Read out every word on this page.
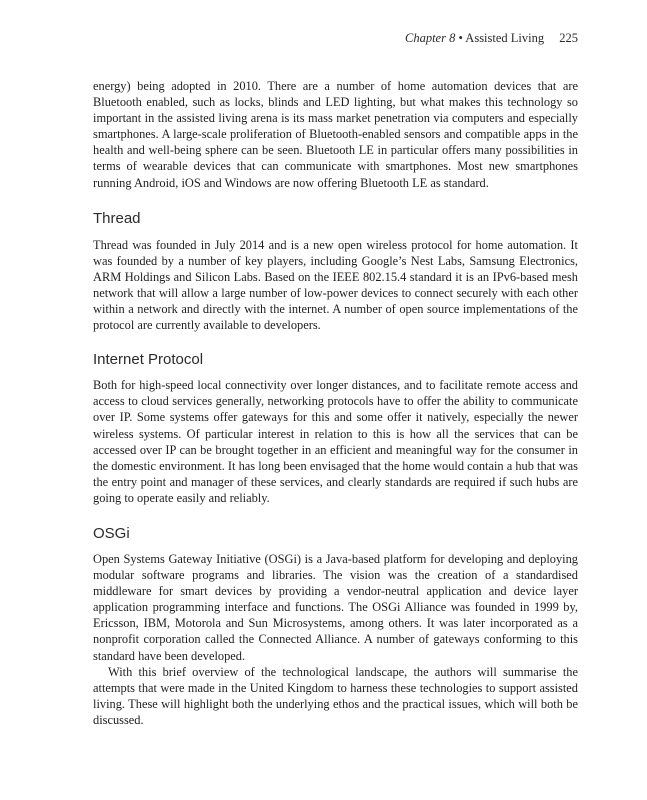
Chapter 8 • Assisted Living 225

energy) being adopted in 2010. There are a number of home automation devices that are Bluetooth enabled, such as locks, blinds and LED lighting, but what makes this technology so important in the assisted living arena is its mass market penetration via computers and especially smartphones. A large-scale proliferation of Bluetooth-enabled sensors and compatible apps in the health and well-being sphere can be seen. Bluetooth LE in particular offers many possibilities in terms of wearable devices that can communicate with smartphones. Most new smartphones running Android, iOS and Windows are now offering Bluetooth LE as standard.

Thread

Thread was founded in July 2014 and is a new open wireless protocol for home automation. It was founded by a number of key players, including Google’s Nest Labs, Samsung Electronics, ARM Holdings and Silicon Labs. Based on the IEEE 802.15.4 standard it is an IPv6-based mesh network that will allow a large number of low-power devices to connect securely with each other within a network and directly with the internet. A number of open source implementations of the protocol are currently available to developers.

Internet Protocol

Both for high-speed local connectivity over longer distances, and to facilitate remote access and access to cloud services generally, networking protocols have to offer the ability to communicate over IP. Some systems offer gateways for this and some offer it natively, especially the newer wireless systems. Of particular interest in relation to this is how all the services that can be accessed over IP can be brought together in an efficient and meaningful way for the consumer in the domestic environment. It has long been envisaged that the home would contain a hub that was the entry point and manager of these services, and clearly standards are required if such hubs are going to operate easily and reliably.

OSGi

Open Systems Gateway Initiative (OSGi) is a Java-based platform for developing and deploying modular software programs and libraries. The vision was the creation of a standardised middleware for smart devices by providing a vendor-neutral application and device layer application programming interface and functions. The OSGi Alliance was founded in 1999 by, Ericsson, IBM, Motorola and Sun Microsystems, among others. It was later incorporated as a nonprofit corporation called the Connected Alliance. A number of gateways conforming to this standard have been developed.

With this brief overview of the technological landscape, the authors will summarise the attempts that were made in the United Kingdom to harness these technologies to support assisted living. These will highlight both the underlying ethos and the practical issues, which will both be discussed.
